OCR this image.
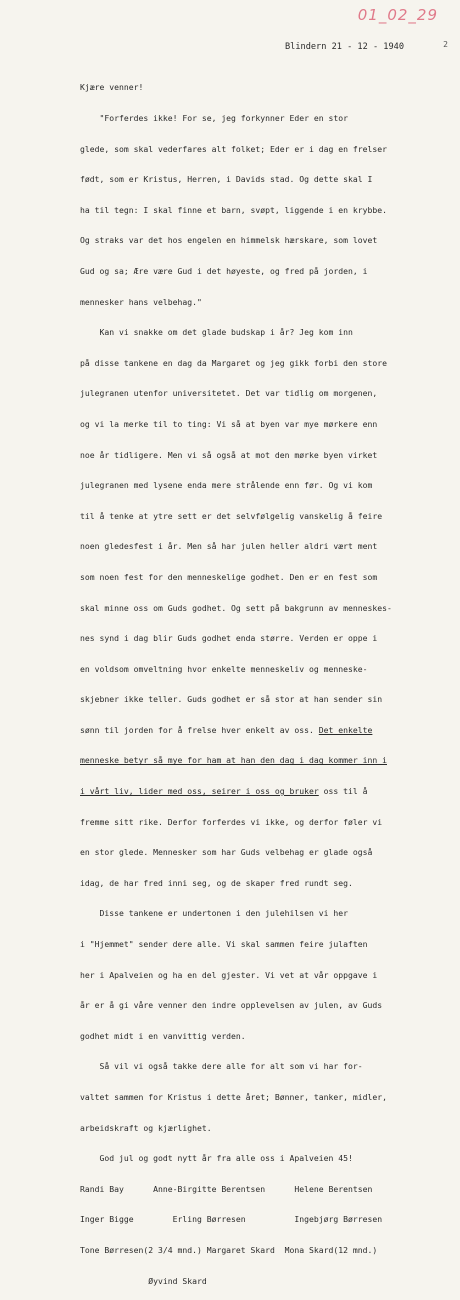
01_02_29
2
Blindern 21 - 12 - 1940

Kjære venner!

"Forferdes ikke! For se, jeg forkynner Eder en stor

glede, som skal vederfares alt folket; Eder er i dag en frelser

født, som er Kristus, Herren, i Davids stad. Og dette skal I

ha til tegn: I skal finne et barn, svøpt, liggende i en krybbe.

Og straks var det hos engelen en himmelsk hærskare, som lovet

Gud og sa; Ære være Gud i det høyeste, og fred på jorden, i

mennesker hans velbehag."

Kan vi snakke om det glade budskap i år? Jeg kom inn

på disse tankene en dag da Margaret og jeg gikk forbi den store

julegranen utenfor universitetet. Det var tidlig om morgenen,

og vi la merke til to ting: Vi så at byen var mye mørkere enn

noe år tidligere. Men vi så også at mot den mørke byen virket

julegranen med lysene enda mere strålende enn før. Og vi kom

til å tenke at ytre sett er det selvfølgelig vanskelig å feire

noen gledesfest i år. Men så har julen heller aldri vært ment

som noen fest for den menneskelige godhet. Den er en fest som

skal minne oss om Guds godhet. Og sett på bakgrunn av menneskes-

nes synd i dag blir Guds godhet enda større. Verden er oppe i

en voldsom omveltning hvor enkelte menneskeliv og menneske-

skjebner ikke teller. Guds godhet er så stor at han sender sin

sønn til jorden for å frelse hver enkelt av oss. Det enkelte

menneske betyr så mye for ham at han den dag i dag kommer inn i

i vårt liv, lider med oss, seirer i oss og bruker oss til å

fremme sitt rike. Derfor forferdes vi ikke, og derfor føler vi

en stor glede. Mennesker som har Guds velbehag er glade også

idag, de har fred inni seg, og de skaper fred rundt seg.

Disse tankene er undertonen i den julehilsen vi her

i "Hjemmet" sender dere alle. Vi skal sammen feire julaften

her i Apalveien og ha en del gjester. Vi vet at vår oppgave i

år er å gi våre venner den indre opplevelsen av julen, av Guds

godhet midt i en vanvittig verden.

Så vil vi også takke dere alle for alt som vi har for-

valtet sammen for Kristus i dette året; Bønner, tanker, midler,

arbeidskraft og kjærlighet.

God jul og godt nytt år fra alle oss i Apalveien 45!

Randi Bay      Anne-Birgitte Berentsen      Helene Berentsen

Inger Bigge        Erling Børresen          Ingebjørg Børresen

Tone Børresen(2 3/4 mnd.) Margaret Skard  Mona Skard(12 mnd.)

Øyvind Skard
